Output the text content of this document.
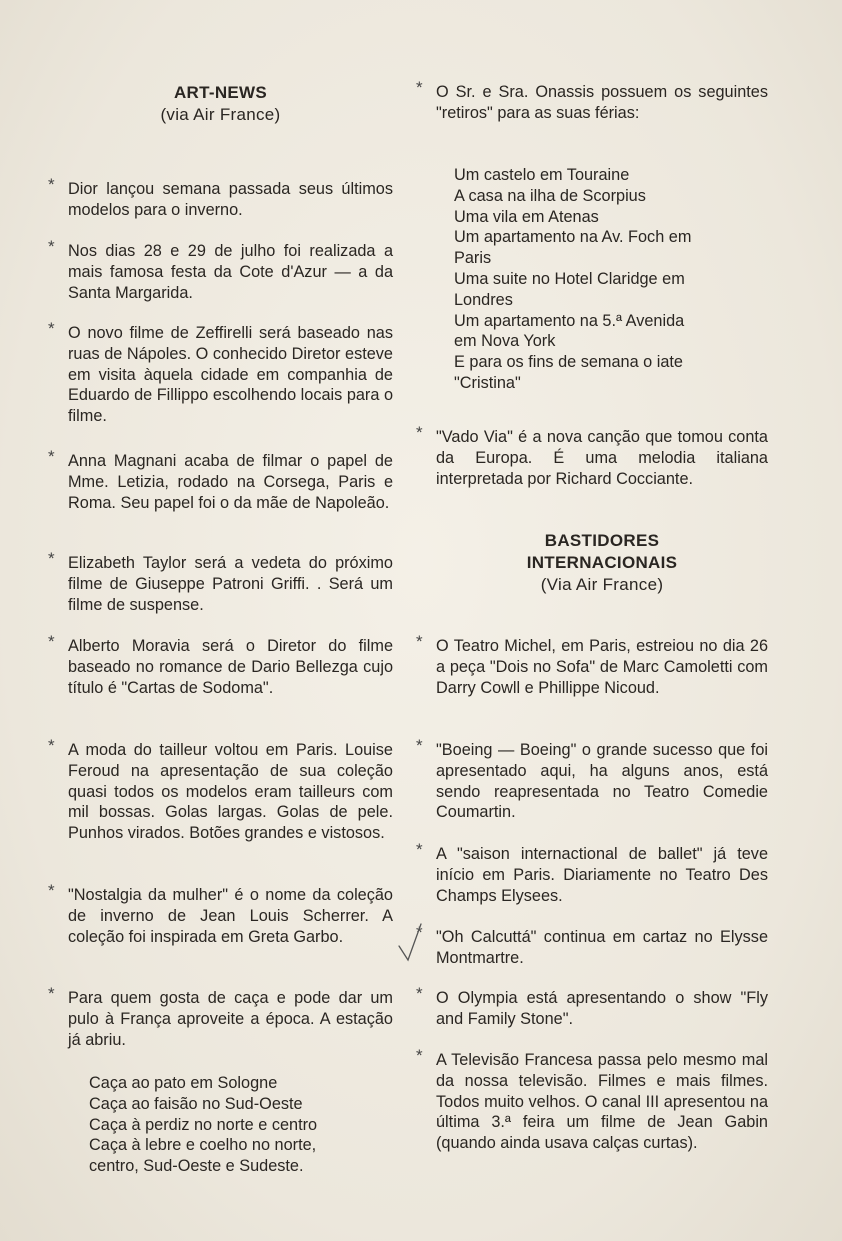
ART-NEWS
(via Air France)
* Dior lançou semana passada seus últimos modelos para o inverno.
* Nos dias 28 e 29 de julho foi realizada a mais famosa festa da Cote d'Azur — a da Santa Margarida.
* O novo filme de Zeffirelli será baseado nas ruas de Nápoles. O conhecido Diretor esteve em visita àquela cidade em companhia de Eduardo de Fillippo escolhendo locais para o filme.
* Anna Magnani acaba de filmar o papel de Mme. Letizia, rodado na Corsega, Paris e Roma. Seu papel foi o da mãe de Napoleão.
* Elizabeth Taylor será a vedeta do próximo filme de Giuseppe Patroni Griffi. . Será um filme de suspense.
* Alberto Moravia será o Diretor do filme baseado no romance de Dario Bellezga cujo título é "Cartas de Sodoma".
* A moda do tailleur voltou em Paris. Louise Feroud na apresentação de sua coleção quasi todos os modelos eram tailleurs com mil bossas. Golas largas. Golas de pele. Punhos virados. Botões grandes e vistosos.
* "Nostalgia da mulher" é o nome da coleção de inverno de Jean Louis Scherrer. A coleção foi inspirada em Greta Garbo.
* Para quem gosta de caça e pode dar um pulo à França aproveite a época. A estação já abriu.
Caça ao pato em Sologne
Caça ao faisão no Sud-Oeste
Caça à perdiz no norte e centro
Caça à lebre e coelho no norte,
centro, Sud-Oeste e Sudeste.
* O Sr. e Sra. Onassis possuem os seguintes "retiros" para as suas férias:
Um castelo em Touraine
A casa na ilha de Scorpius
Uma vila em Atenas
Um apartamento na Av. Foch em
Paris
Uma suite no Hotel Claridge em
Londres
Um apartamento na 5.ª Avenida
em Nova York
E para os fins de semana o iate
"Cristina"
* "Vado Via" é a nova canção que tomou conta da Europa. É uma melodia italiana interpretada por Richard Cocciante.
BASTIDORES
INTERNACIONAIS
(Via Air France)
* O Teatro Michel, em Paris, estreiou no dia 26 a peça "Dois no Sofa" de Marc Camoletti com Darry Cowll e Phillippe Nicoud.
* "Boeing — Boeing" o grande sucesso que foi apresentado aqui, ha alguns anos, está sendo reapresentada no Teatro Comedie Coumartin.
* A "saison internactional de ballet" já teve início em Paris. Diariamente no Teatro Des Champs Elysees.
* "Oh Calcuttá" continua em cartaz no Elysse Montmartre.
* O Olympia está apresentando o show "Fly and Family Stone".
* A Televisão Francesa passa pelo mesmo mal da nossa televisão. Filmes e mais filmes. Todos muito velhos. O canal III apresentou na última 3.ª feira um filme de Jean Gabin (quando ainda usava calças curtas).
